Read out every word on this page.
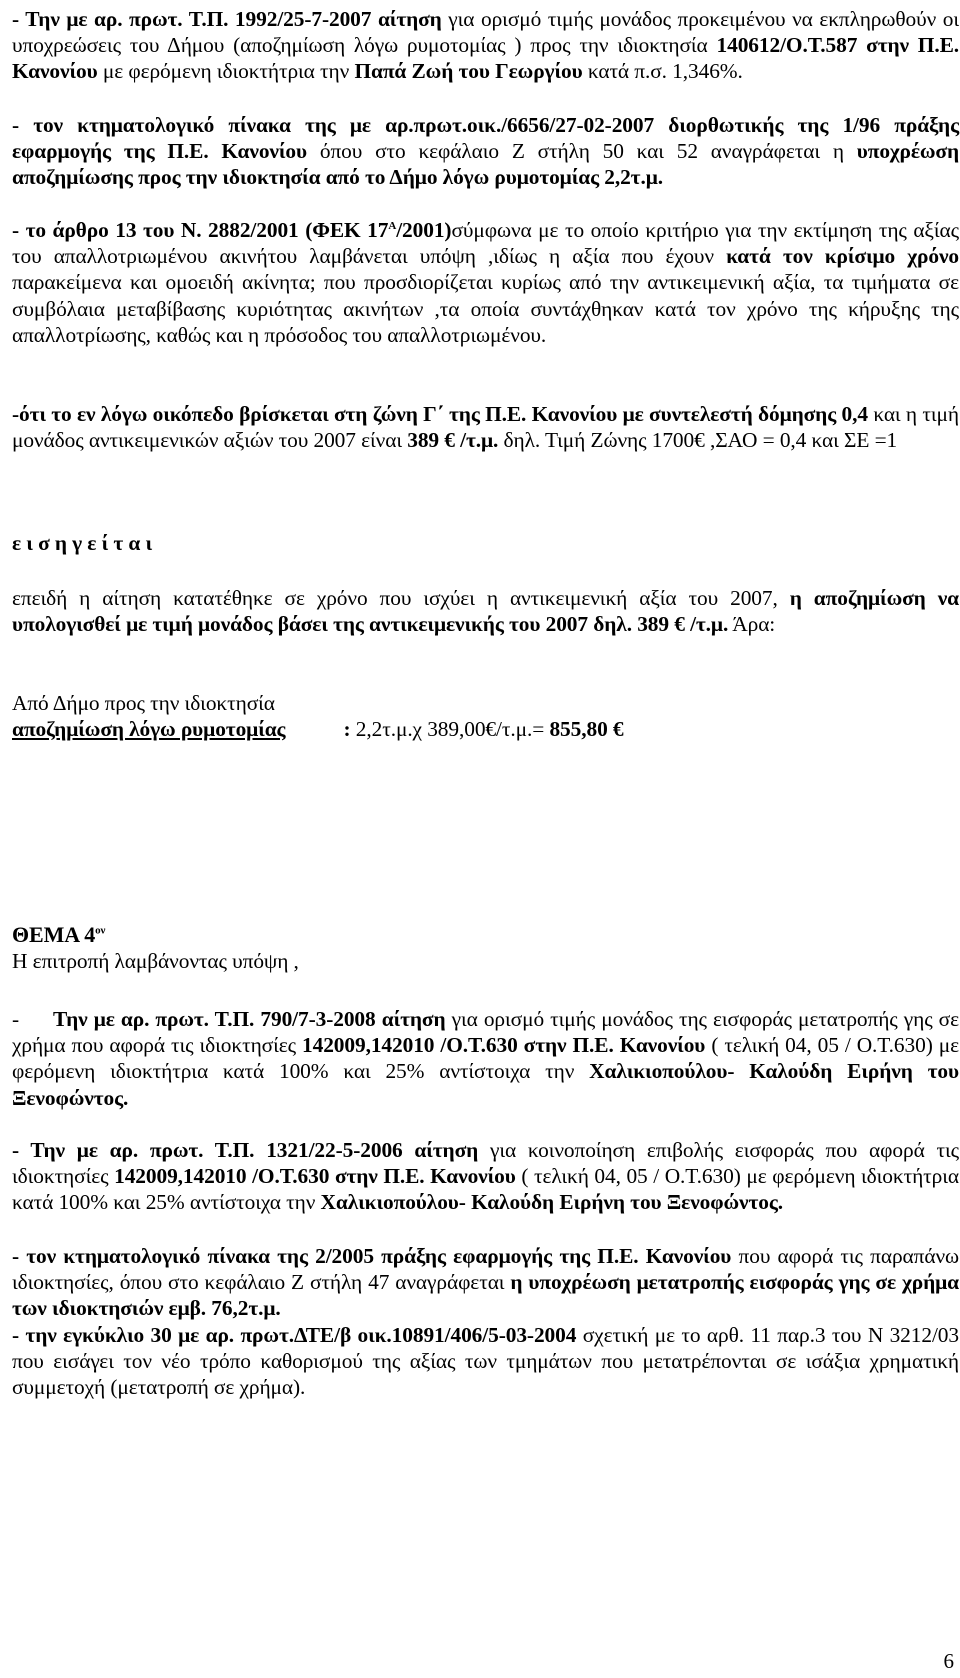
- Την με αρ. πρωτ. Τ.Π. 1992/25-7-2007 αίτηση για ορισμό τιμής μονάδος προκειμένου να εκπληρωθούν οι υποχρεώσεις του Δήμου (αποζημίωση λόγω ρυμοτομίας ) προς την ιδιοκτησία 140612/Ο.Τ.587 στην Π.Ε. Κανονίου με φερόμενη ιδιοκτήτρια την Παπά Ζωή του Γεωργίου κατά π.σ. 1,346%.

- τον κτηματολογικό πίνακα της με αρ.πρωτ.οικ./6656/27-02-2007 διορθωτικής της 1/96 πράξης εφαρμογής της Π.Ε. Κανονίου όπου στο κεφάλαιο Ζ στήλη 50 και 52 αναγράφεται η υποχρέωση αποζημίωσης προς την ιδιοκτησία από το Δήμο λόγω ρυμοτομίας 2,2τ.μ.

- το άρθρο 13 του Ν. 2882/2001 (ΦΕΚ $17^A/2001)\sigma ύ\mu\varphi\omega\nu\alpha$ με το οποίο κριτήριο για την εκτίμηση της αξίας του απαλλοτριωμένου ακινήτου λαμβάνεται υπόψη ,ιδίως η αξία που έχουν κατά τον κρίσιμο χρόνο παρακείμενα και ομοειδή ακίνητα; που προσδιορίζεται κυρίως από την αντικειμενική αξία, τα τιμήματα σε συμβόλαια μεταβίβασης κυριότητας ακινήτων ,τα οποία συντάχθηκαν κατά τον χρόνο της κήρυξης της απαλλοτρίωσης, καθώς και η πρόσοδος του απαλλοτριωμένου.

-ότι το εν λόγω οικόπεδο βρίσκεται στη ζώνη Γ΄ της Π.Ε. Κανονίου με συντελεστή δόμησης 0,4 και η τιμή μονάδος αντικειμενικών αξιών του 2007 είναι 389 € /τ.μ. δηλ. Τιμή Ζώνης 1700€ ,ΣΑΟ = 0,4 και ΣΕ =1

ε ι σ η γ ε ί τ α ι

επειδή η αίτηση κατατέθηκε σε χρόνο που ισχύει η αντικειμενική αξία του 2007, η αποζημίωση να υπολογισθεί με τιμή μονάδος βάσει της αντικειμενικής του 2007 δηλ. 389 € /τ.μ. Άρα:

Από Δήμο προς την ιδιοκτησία

αποζημίωση λόγω ρυμοτομίας	: 2,2τ.μ.χ 389,00€/τ.μ.= 855,80 €

ΘΕΜΑ $4^{o\nu}$

Η επιτροπή λαμβάνοντας υπόψη ,

- Την με αρ. πρωτ. Τ.Π. 790/7-3-2008 αίτηση για ορισμό τιμής μονάδος της εισφοράς μετατροπής γης σε χρήμα που αφορά τις ιδιοκτησίες 142009,142010 /Ο.Τ.630 στην Π.Ε. Κανονίου ( τελική 04, 05 / Ο.Τ.630) με φερόμενη ιδιοκτήτρια κατά 100% και 25% αντίστοιχα την Χαλικιοπούλου- Καλούδη Ειρήνη του Ξενοφώντος.

- Την με αρ. πρωτ. Τ.Π. 1321/22-5-2006 αίτηση για κοινοποίηση επιβολής εισφοράς που αφορά τις ιδιοκτησίες 142009,142010 /Ο.Τ.630 στην Π.Ε. Κανονίου ( τελική 04, 05 / Ο.Τ.630) με φερόμενη ιδιοκτήτρια κατά 100% και 25% αντίστοιχα την Χαλικιοπούλου- Καλούδη Ειρήνη του Ξενοφώντος.

- τον κτηματολογικό πίνακα της 2/2005 πράξης εφαρμογής της Π.Ε. Κανονίου που αφορά τις παραπάνω ιδιοκτησίες, όπου στο κεφάλαιο Ζ στήλη 47 αναγράφεται η υποχρέωση μετατροπής εισφοράς γης σε χρήμα των ιδιοκτησιών εμβ. 76,2τ.μ.

- την εγκύκλιο 30 με αρ. πρωτ.ΔΤΕ/β οικ.10891/406/5-03-2004 σχετική με το αρθ. 11 παρ.3 του Ν 3212/03 που εισάγει τον νέο τρόπο καθορισμού της αξίας των τμημάτων που μετατρέπονται σε ισάξια χρηματική συμμετοχή (μετατροπή σε χρήμα).

6
